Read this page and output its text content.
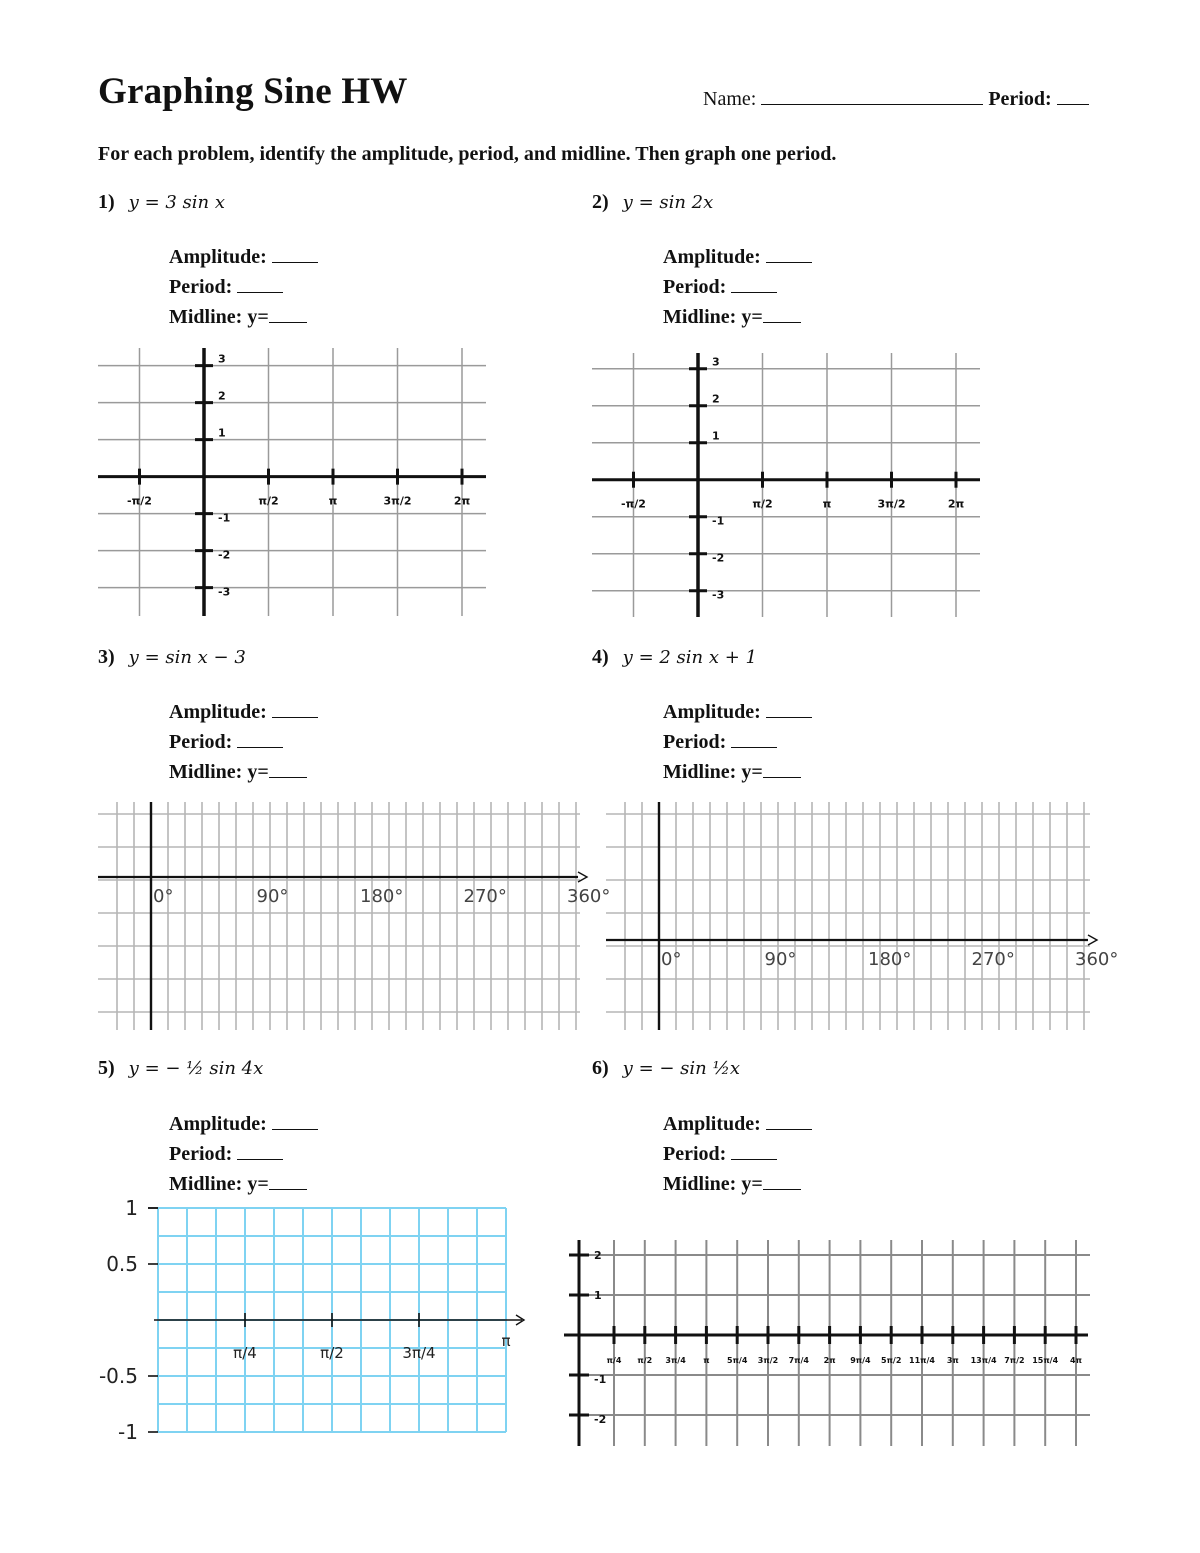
Graphing Sine HW	Name:	Period:
For each problem, identify the amplitude, period, and midline. Then graph one period.
1) y = 3 sin x
Amplitude:
Period:
Midline: y=
2) y = sin 2x
Amplitude:
Period:
Midline: y=
3) y = sin x − 3
Amplitude:
Period:
Midline: y=
4) y = 2 sin x + 1
Amplitude:
Period:
Midline: y=
5) y = − ½ sin 4x
Amplitude:
Period:
Midline: y=
6) y = − sin ½x
Amplitude:
Period:
Midline: y=
-π/2	π/2	π	3π/2	2π
3
2
1
-1
-2
-3
-π/2	π/2	π	3π/2	2π
3
2
1
-1
-2
-3
0°	90°	180°	270°	360°
0°	90°	180°	270°	360°
1
0.5
-0.5
-1
π/4	π/2	3π/4
π
π/4 π/2 3π/4 π 5π/4 3π/2 7π/4 2π 9π/4 5π/2 11π/4 3π 13π/4 7π/2 15π/4 4π
2
1
-1
-2
